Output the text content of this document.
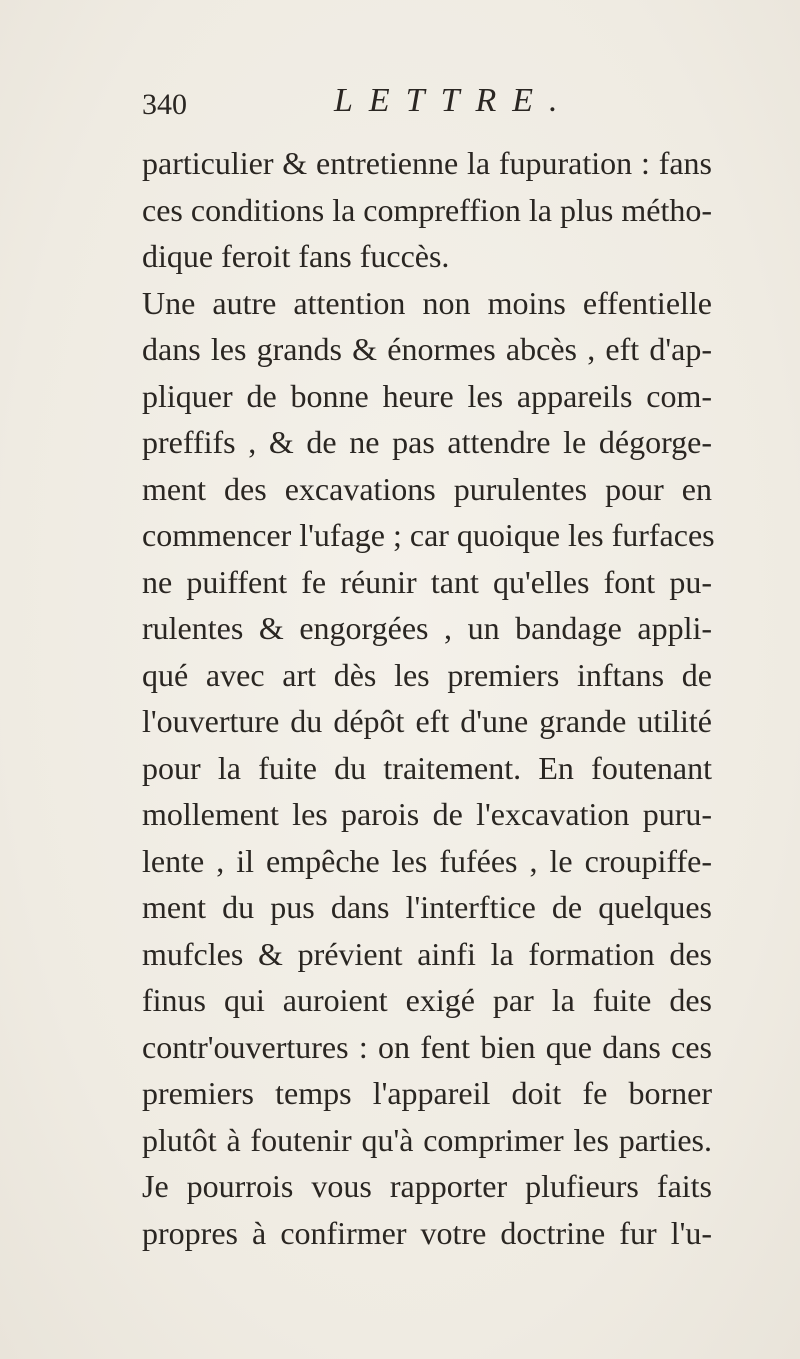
340	LETTRE.
particulier & entretienne la fupuration : fans
ces conditions la compreffion la plus métho-
dique feroit fans fuccès.
Une autre attention non moins effentielle
dans les grands & énormes abcès , eft d'ap-
pliquer de bonne heure les appareils com-
preffifs , & de ne pas attendre le dégorge-
ment des excavations purulentes pour en
commencer l'ufage ; car quoique les furfaces
ne puiffent fe réunir tant qu'elles font pu-
rulentes & engorgées , un bandage appli-
qué avec art dès les premiers inftans de
l'ouverture du dépôt eft d'une grande utilité
pour la fuite du traitement. En foutenant
mollement les parois de l'excavation puru-
lente , il empêche les fufées , le croupiffe-
ment du pus dans l'interftice de quelques
mufcles & prévient ainfi la formation des
finus qui auroient exigé par la fuite des
contr'ouvertures : on fent bien que dans ces
premiers temps l'appareil doit fe borner
plutôt à foutenir qu'à comprimer les parties.
Je pourrois vous rapporter plufieurs faits
propres à confirmer votre doctrine fur l'u-
